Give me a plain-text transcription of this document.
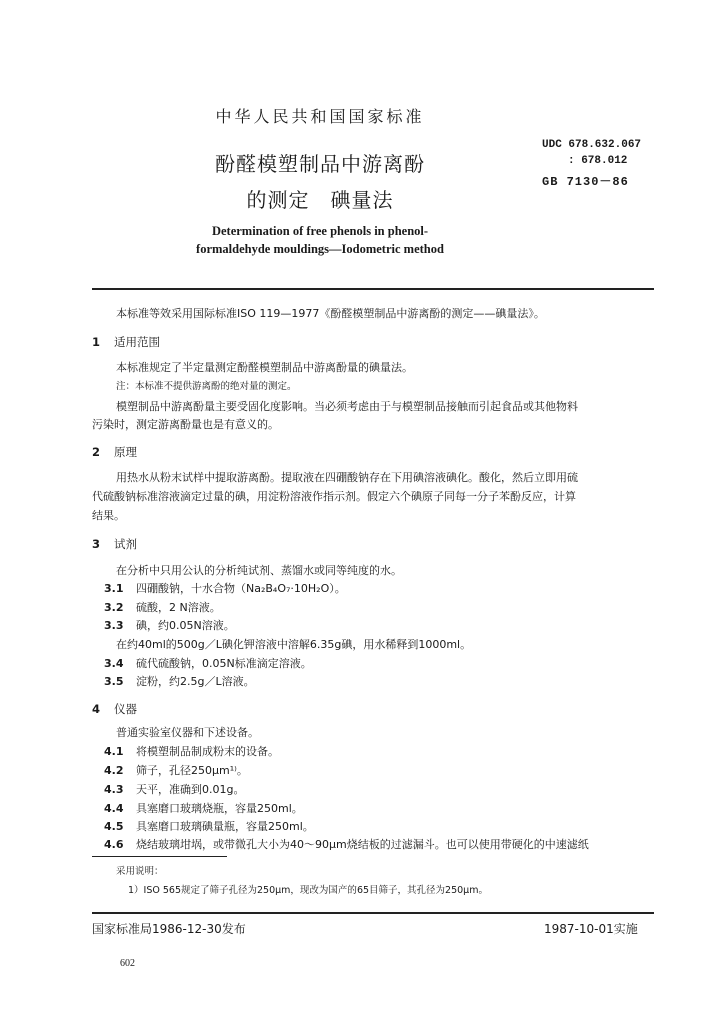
中华人民共和国国家标准
酚醛模塑制品中游离酚
的测定　碘量法
Determination of free phenols in phenol-
formaldehyde mouldings—Iodometric method
UDC 678.632.067
: 678.012
GB 7130－86
本标准等效采用国际标准ISO 119—1977《酚醛模塑制品中游离酚的测定——碘量法》。
1 适用范围
本标准规定了半定量测定酚醛模塑制品中游离酚量的碘量法。
注：本标准不提供游离酚的绝对量的测定。
模塑制品中游离酚量主要受固化度影响。当必须考虑由于与模塑制品接触而引起食品或其他物料
污染时，测定游离酚量也是有意义的。
2 原理
用热水从粉末试样中提取游离酚。提取液在四硼酸钠存在下用碘溶液碘化。酸化，然后立即用硫
代硫酸钠标准溶液滴定过量的碘，用淀粉溶液作指示剂。假定六个碘原子同每一分子苯酚反应，计算
结果。
3 试剂
在分析中只用公认的分析纯试剂、蒸馏水或同等纯度的水。
3.1 四硼酸钠，十水合物（Na₂B₄O₇·10H₂O）。
3.2 硫酸，2 N溶液。
3.3 碘，约0.05N溶液。
在约40ml的500g／L碘化钾溶液中溶解6.35g碘，用水稀释到1000ml。
3.4 硫代硫酸钠，0.05N标准滴定溶液。
3.5 淀粉，约2.5g／L溶液。
4 仪器
普通实验室仪器和下述设备。
4.1 将模塑制品制成粉末的设备。
4.2 筛子，孔径250μm¹⁾。
4.3 天平，准确到0.01g。
4.4 具塞磨口玻璃烧瓶，容量250ml。
4.5 具塞磨口玻璃碘量瓶，容量250ml。
4.6 烧结玻璃坩埚，或带微孔大小为40～90μm烧结板的过滤漏斗。也可以使用带硬化的中速滤纸
采用说明：
1）ISO 565规定了筛子孔径为250μm，现改为国产的65目筛子，其孔径为250μm。
国家标准局1986-12-30发布	1987-10-01实施
602
